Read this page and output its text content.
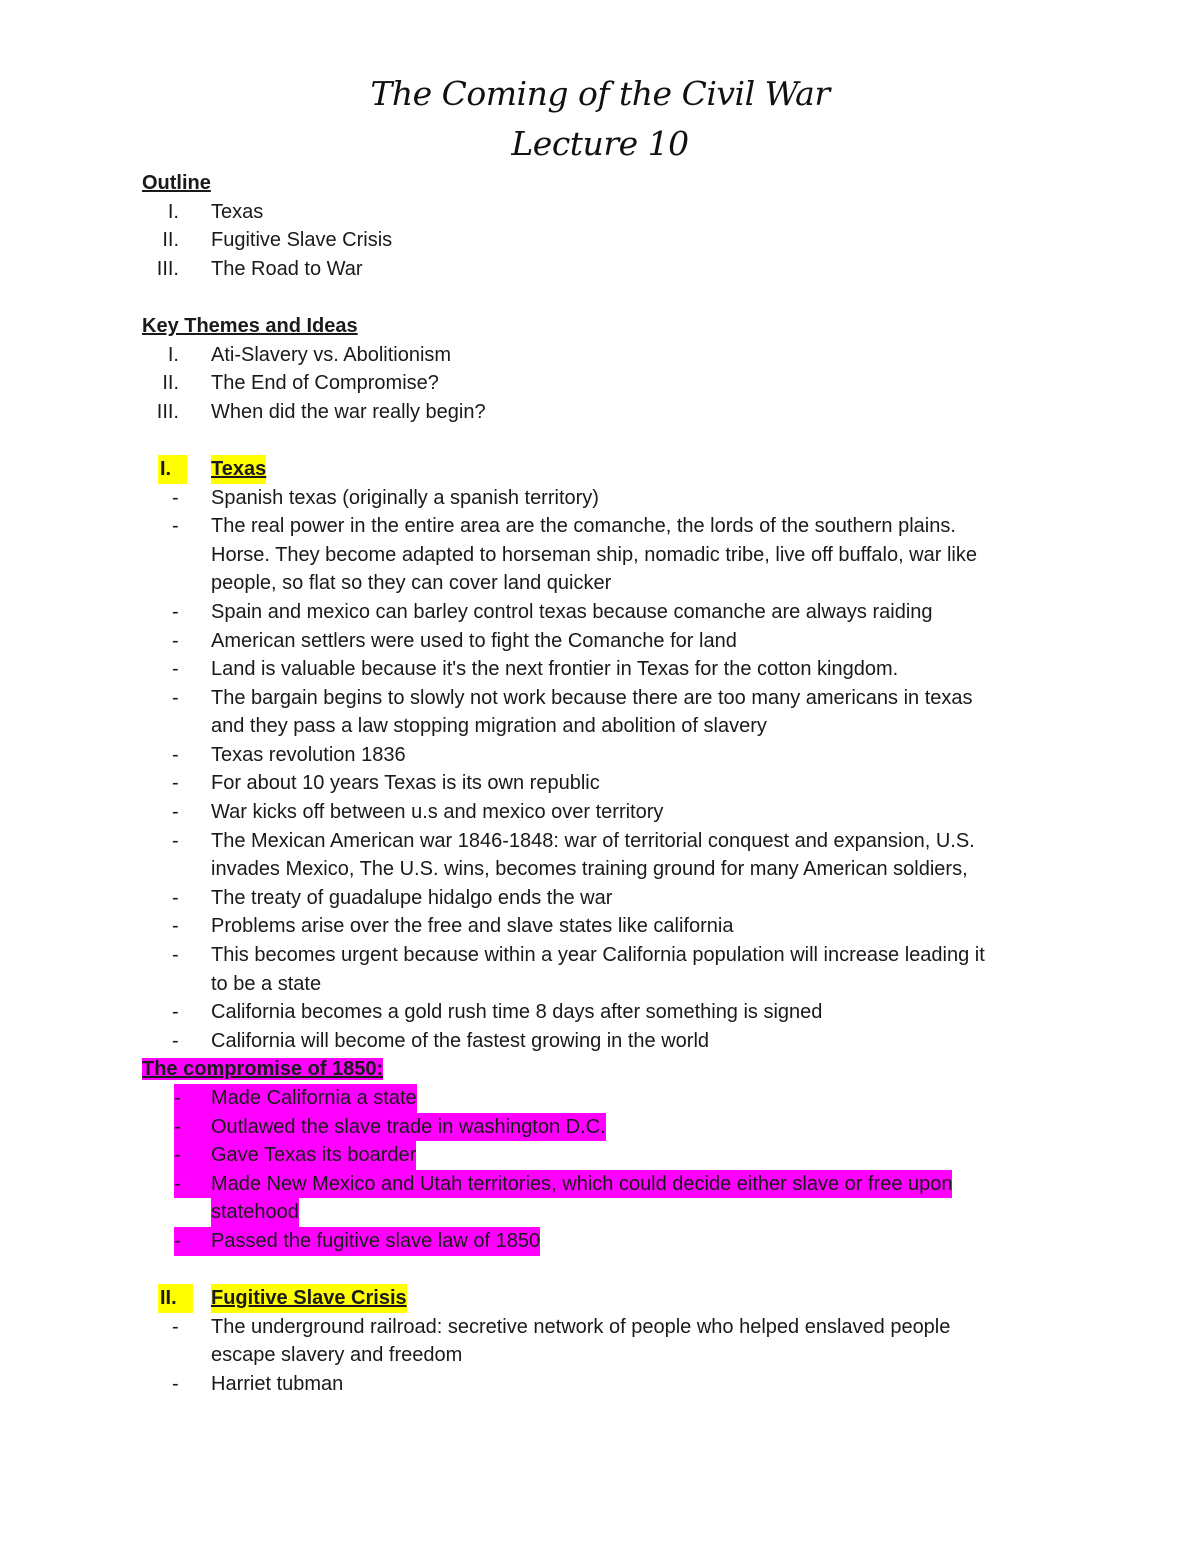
The Coming of the Civil War
Lecture 10
Outline
I. Texas
II. Fugitive Slave Crisis
III. The Road to War
Key Themes and Ideas
I. Ati-Slavery vs. Abolitionism
II. The End of Compromise?
III. When did the war really begin?
I.	Texas
- Spanish texas (originally a spanish territory)
- The real power in the entire area are the comanche, the lords of the southern plains.
Horse. They become adapted to horseman ship, nomadic tribe, live off buffalo, war like
people, so flat so they can cover land quicker
- Spain and mexico can barley control texas because comanche are always raiding
- American settlers were used to fight the Comanche for land
- Land is valuable because it's the next frontier in Texas for the cotton kingdom.
- The bargain begins to slowly not work because there are too many americans in texas
and they pass a law stopping migration and abolition of slavery
- Texas revolution 1836
- For about 10 years Texas is its own republic
- War kicks off between u.s and mexico over territory
- The Mexican American war 1846-1848: war of territorial conquest and expansion, U.S.
invades Mexico, The U.S. wins, becomes training ground for many American soldiers,
- The treaty of guadalupe hidalgo ends the war
- Problems arise over the free and slave states like california
- This becomes urgent because within a year California population will increase leading it
to be a state
- California becomes a gold rush time 8 days after something is signed
- California will become of the fastest growing in the world
The compromise of 1850:
-	Made California a state
-	Outlawed the slave trade in washington D.C.
-	Gave Texas its boarder
-	Made New Mexico and Utah territories, which could decide either slave or free upon
statehood
-	Passed the fugitive slave law of 1850
II.	Fugitive Slave Crisis
- The underground railroad: secretive network of people who helped enslaved people
escape slavery and freedom
- Harriet tubman
